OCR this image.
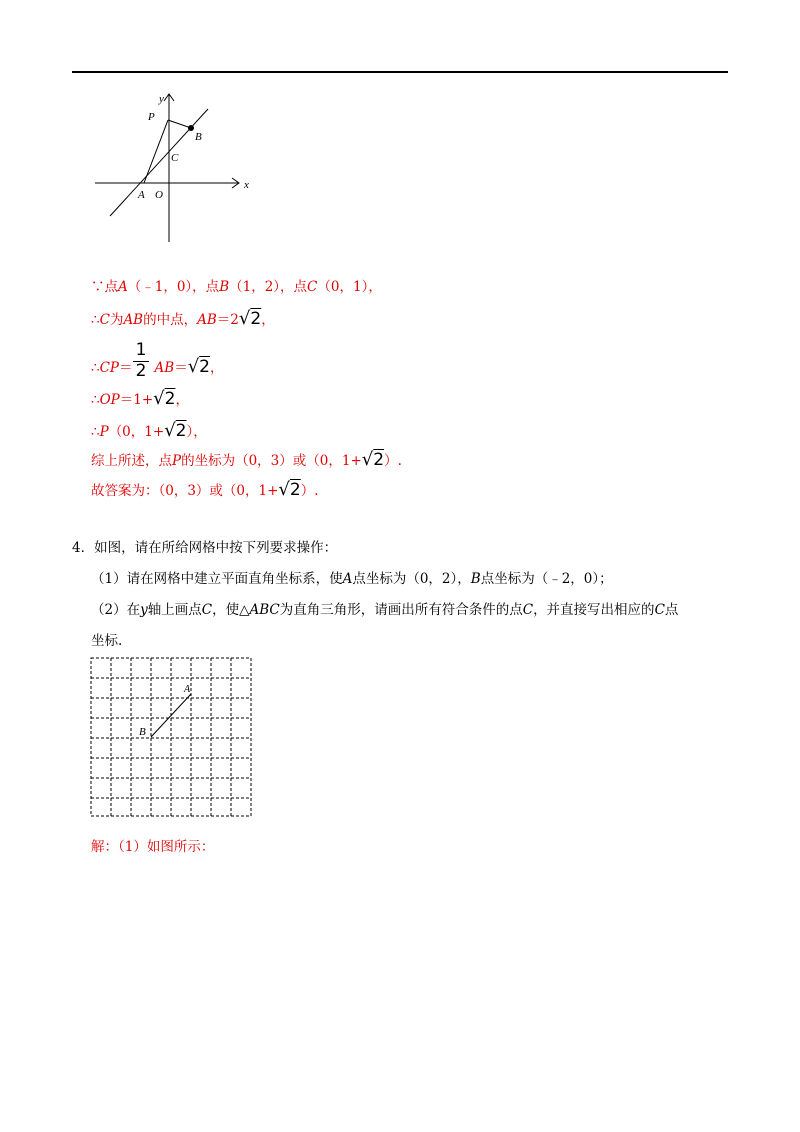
y
x
P
B
C
A O
∵点A（﹣1，0），点B（1，2），点C（0，1），
∴C为AB的中点，AB＝2√2，
1
2
∴CP＝ AB＝√2，
∴OP＝1+√2，
∴P（0，1+√2），
综上所述，点P的坐标为（0，3）或（0，1+√2）.
故答案为：（0，3）或（0，1+√2）.
4．如图，请在所给网格中按下列要求操作：
（1）请在网格中建立平面直角坐标系，使A点坐标为（0，2），B点坐标为（﹣2，0）；
（2）在y轴上画点C，使△ABC为直角三角形，请画出所有符合条件的点C，并直接写出相应的C点
坐标.
A
B
解：（1）如图所示：
